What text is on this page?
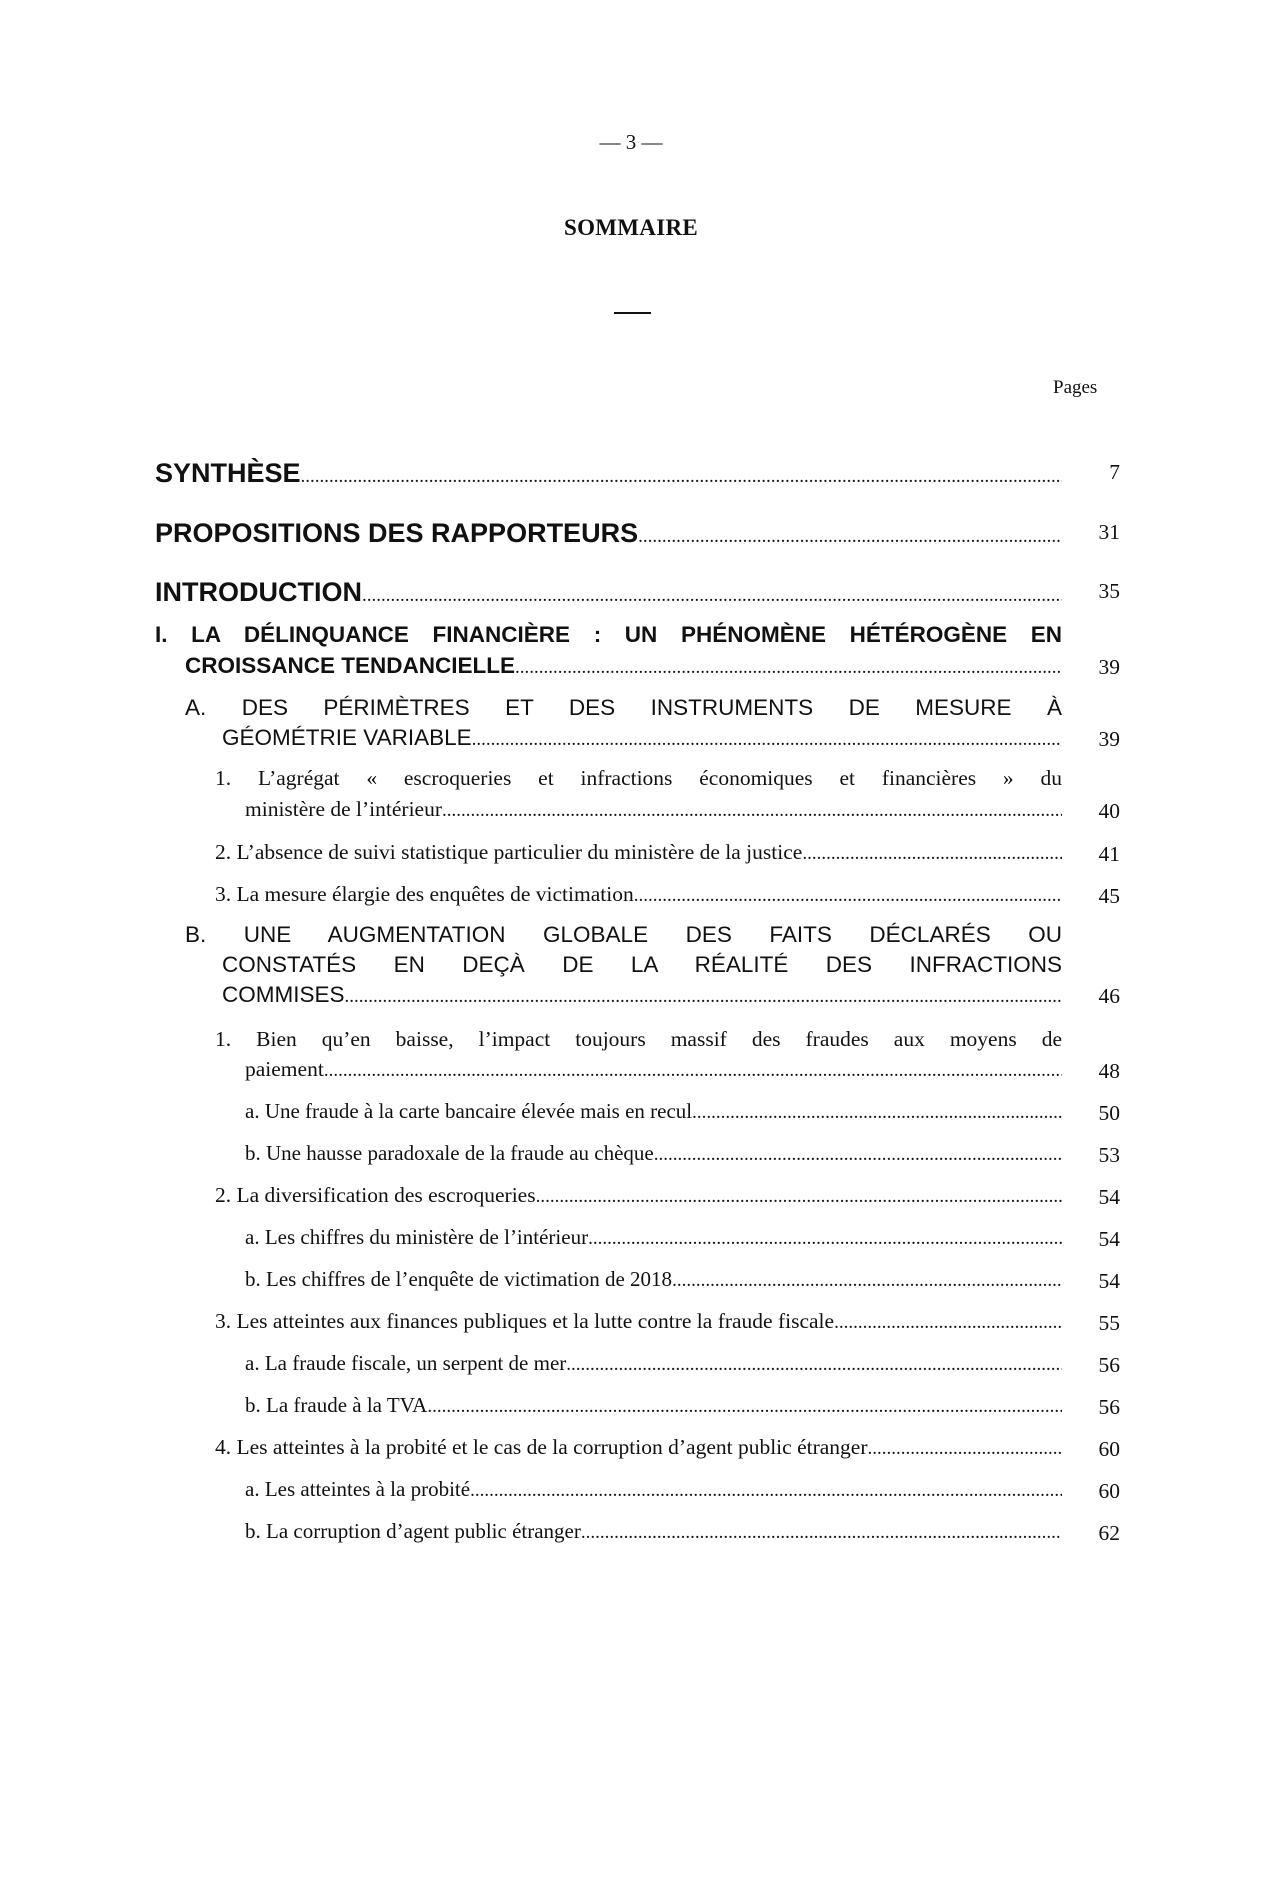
— 3 —
SOMMAIRE
Pages
SYNTHÈSE .....	7
PROPOSITIONS DES RAPPORTEURS .....	31
INTRODUCTION .....	35
I. LA DÉLINQUANCE FINANCIÈRE : UN PHÉNOMÈNE HÉTÉROGÈNE EN
CROISSANCE TENDANCIELLE .....	39
A. DES PÉRIMÈTRES ET DES INSTRUMENTS DE MESURE À
GÉOMÉTRIE VARIABLE .....	39
1. L’agrégat « escroqueries et infractions économiques et financières » du
ministère de l’intérieur .....	40
2. L’absence de suivi statistique particulier du ministère de la justice .....	41
3. La mesure élargie des enquêtes de victimation .....	45
B. UNE AUGMENTATION GLOBALE DES FAITS DÉCLARÉS OU
CONSTATÉS EN DEÇÀ DE LA RÉALITÉ DES INFRACTIONS
COMMISES .....	46
1. Bien qu’en baisse, l’impact toujours massif des fraudes aux moyens de
paiement .....	48
a. Une fraude à la carte bancaire élevée mais en recul .....	50
b. Une hausse paradoxale de la fraude au chèque .....	53
2. La diversification des escroqueries .....	54
a. Les chiffres du ministère de l’intérieur .....	54
b. Les chiffres de l’enquête de victimation de 2018 .....	54
3. Les atteintes aux finances publiques et la lutte contre la fraude fiscale .....	55
a. La fraude fiscale, un serpent de mer .....	56
b. La fraude à la TVA .....	56
4. Les atteintes à la probité et le cas de la corruption d’agent public étranger .....	60
a. Les atteintes à la probité .....	60
b. La corruption d’agent public étranger .....	62
